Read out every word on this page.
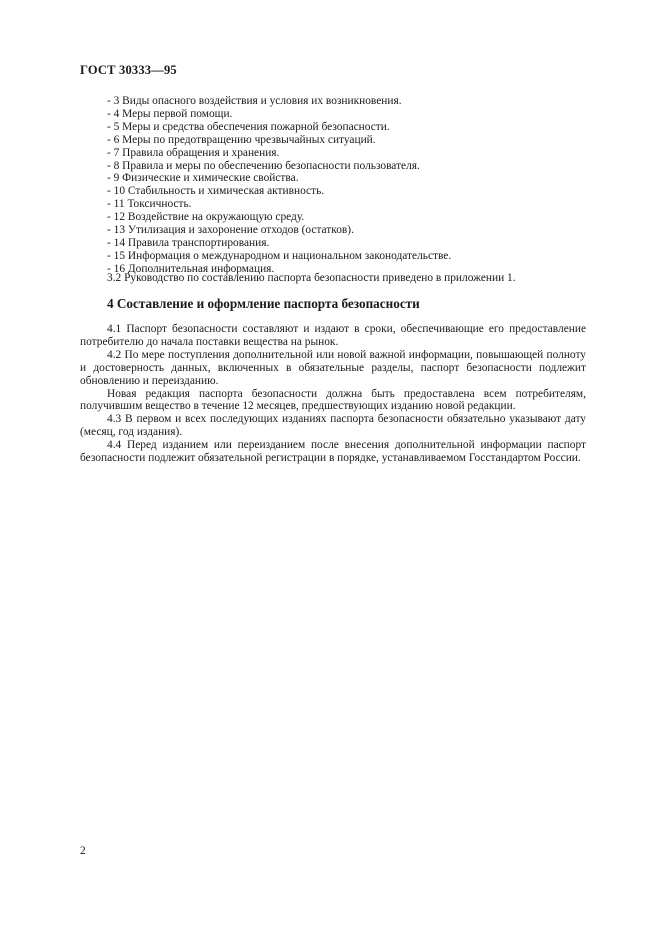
ГОСТ 30333—95
- 3 Виды опасного воздействия и условия их возникновения.
- 4 Меры первой помощи.
- 5 Меры и средства обеспечения пожарной безопасности.
- 6 Меры по предотвращению чрезвычайных ситуаций.
- 7 Правила обращения и хранения.
- 8 Правила и меры по обеспечению безопасности пользователя.
- 9 Физические и химические свойства.
- 10 Стабильность и химическая активность.
- 11 Токсичность.
- 12 Воздействие на окружающую среду.
- 13 Утилизация и захоронение отходов (остатков).
- 14 Правила транспортирования.
- 15 Информация о международном и национальном законодательстве.
- 16 Дополнительная информация.
3.2 Руководство по составлению паспорта безопасности приведено в приложении 1.
4 Составление и оформление паспорта безопасности

4.1 Паспорт безопасности составляют и издают в сроки, обеспечивающие его предоставление потребителю до начала поставки вещества на рынок.

4.2 По мере поступления дополнительной или новой важной информации, повышающей полноту и достоверность данных, включенных в обязательные разделы, паспорт безопасности подлежит обновлению и переизданию.

Новая редакция паспорта безопасности должна быть предоставлена всем потребителям, получившим вещество в течение 12 месяцев, предшествующих изданию новой редакции.

4.3 В первом и всех последующих изданиях паспорта безопасности обязательно указывают дату (месяц, год издания).

4.4 Перед изданием или переизданием после внесения дополнительной информации паспорт безопасности подлежит обязательной регистрации в порядке, устанавливаемом Госстандартом России.

2
